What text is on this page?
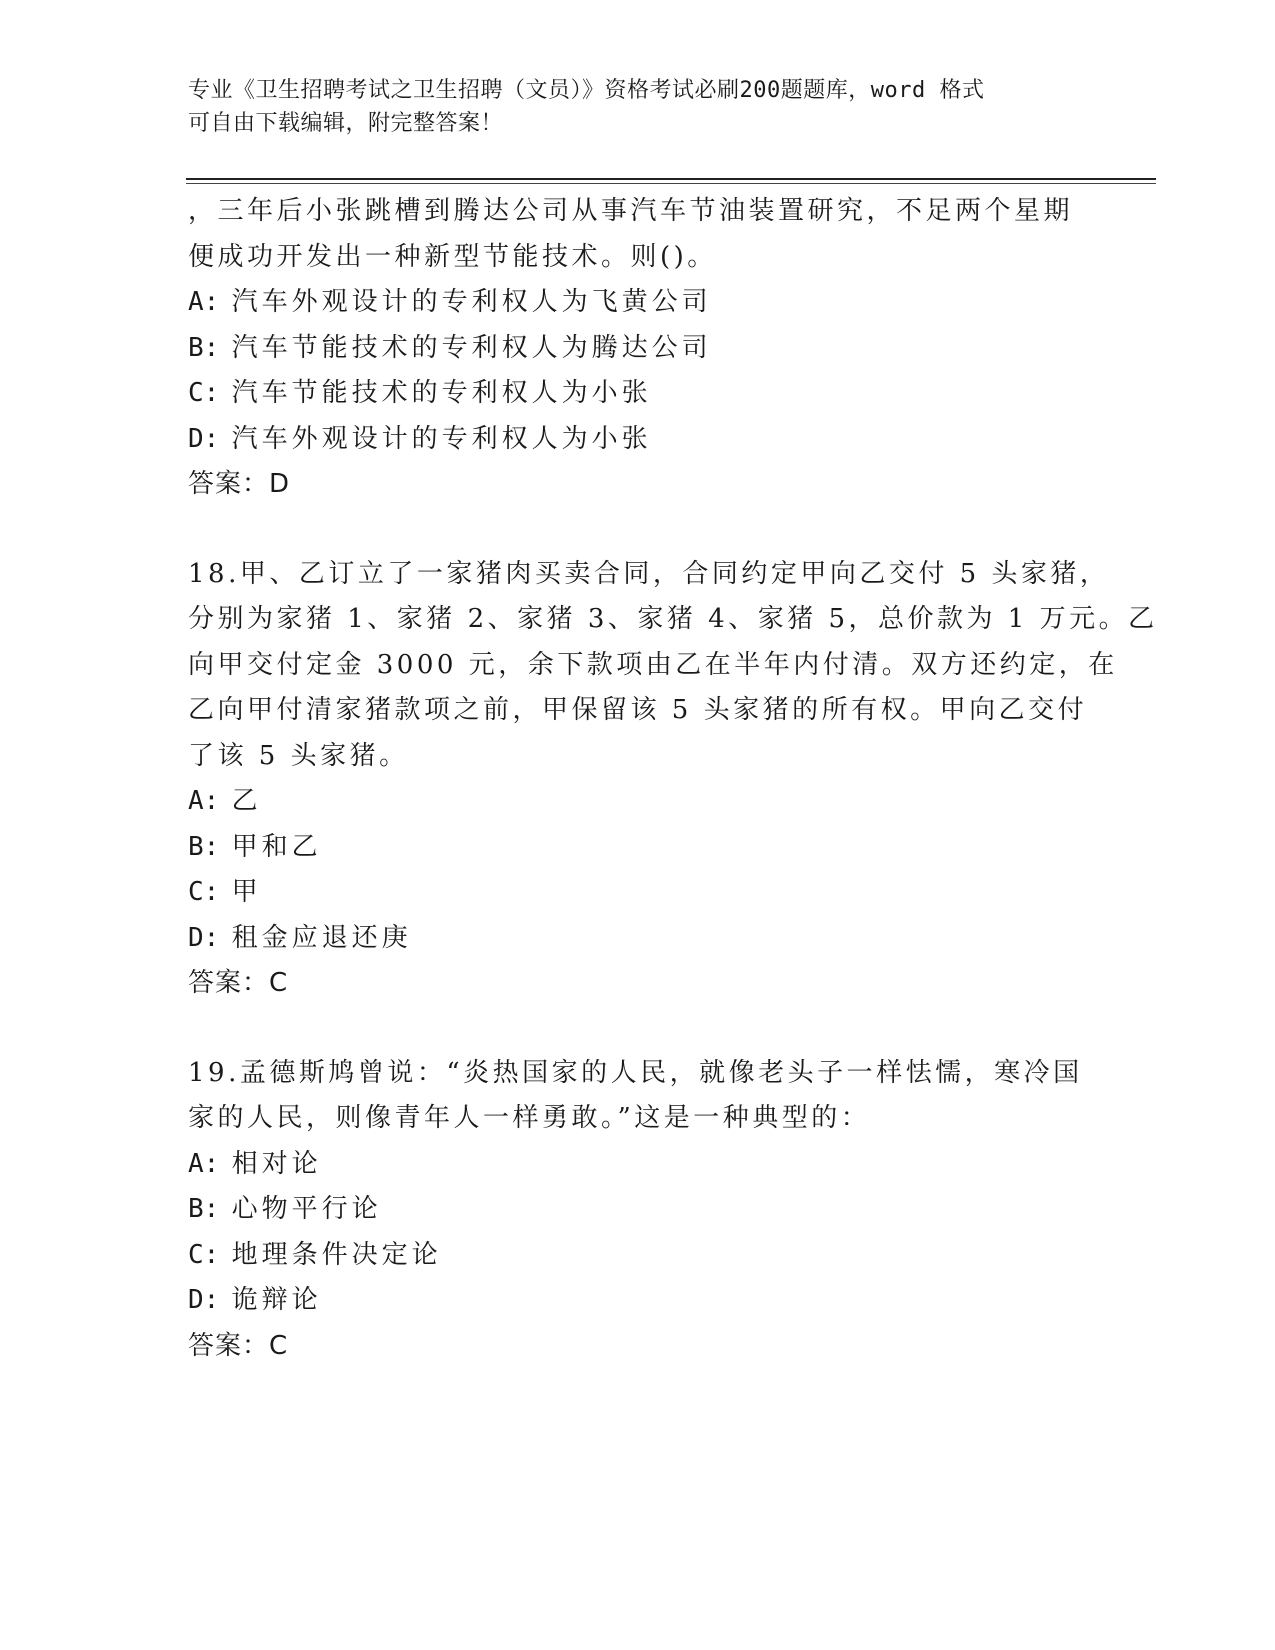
专业《卫生招聘考试之卫生招聘（文员）》资格考试必刷200题题库，word 格式
可自由下载编辑，附完整答案！
，三年后小张跳槽到腾达公司从事汽车节油装置研究，不足两个星期
便成功开发出一种新型节能技术。则()。
A: 汽车外观设计的专利权人为飞黄公司
B: 汽车节能技术的专利权人为腾达公司
C: 汽车节能技术的专利权人为小张
D: 汽车外观设计的专利权人为小张
答案：D
18.甲、乙订立了一家猪肉买卖合同，合同约定甲向乙交付 5 头家猪，
分别为家猪 1、家猪 2、家猪 3、家猪 4、家猪 5，总价款为 1 万元。乙
向甲交付定金 3000 元，余下款项由乙在半年内付清。双方还约定，在
乙向甲付清家猪款项之前，甲保留该 5 头家猪的所有权。甲向乙交付
了该 5 头家猪。
A: 乙
B: 甲和乙
C: 甲
D: 租金应退还庚
答案：C
19.孟德斯鸠曾说：“炎热国家的人民，就像老头子一样怯懦，寒冷国
家的人民，则像青年人一样勇敢。”这是一种典型的：
A: 相对论
B: 心物平行论
C: 地理条件决定论
D: 诡辩论
答案：C
